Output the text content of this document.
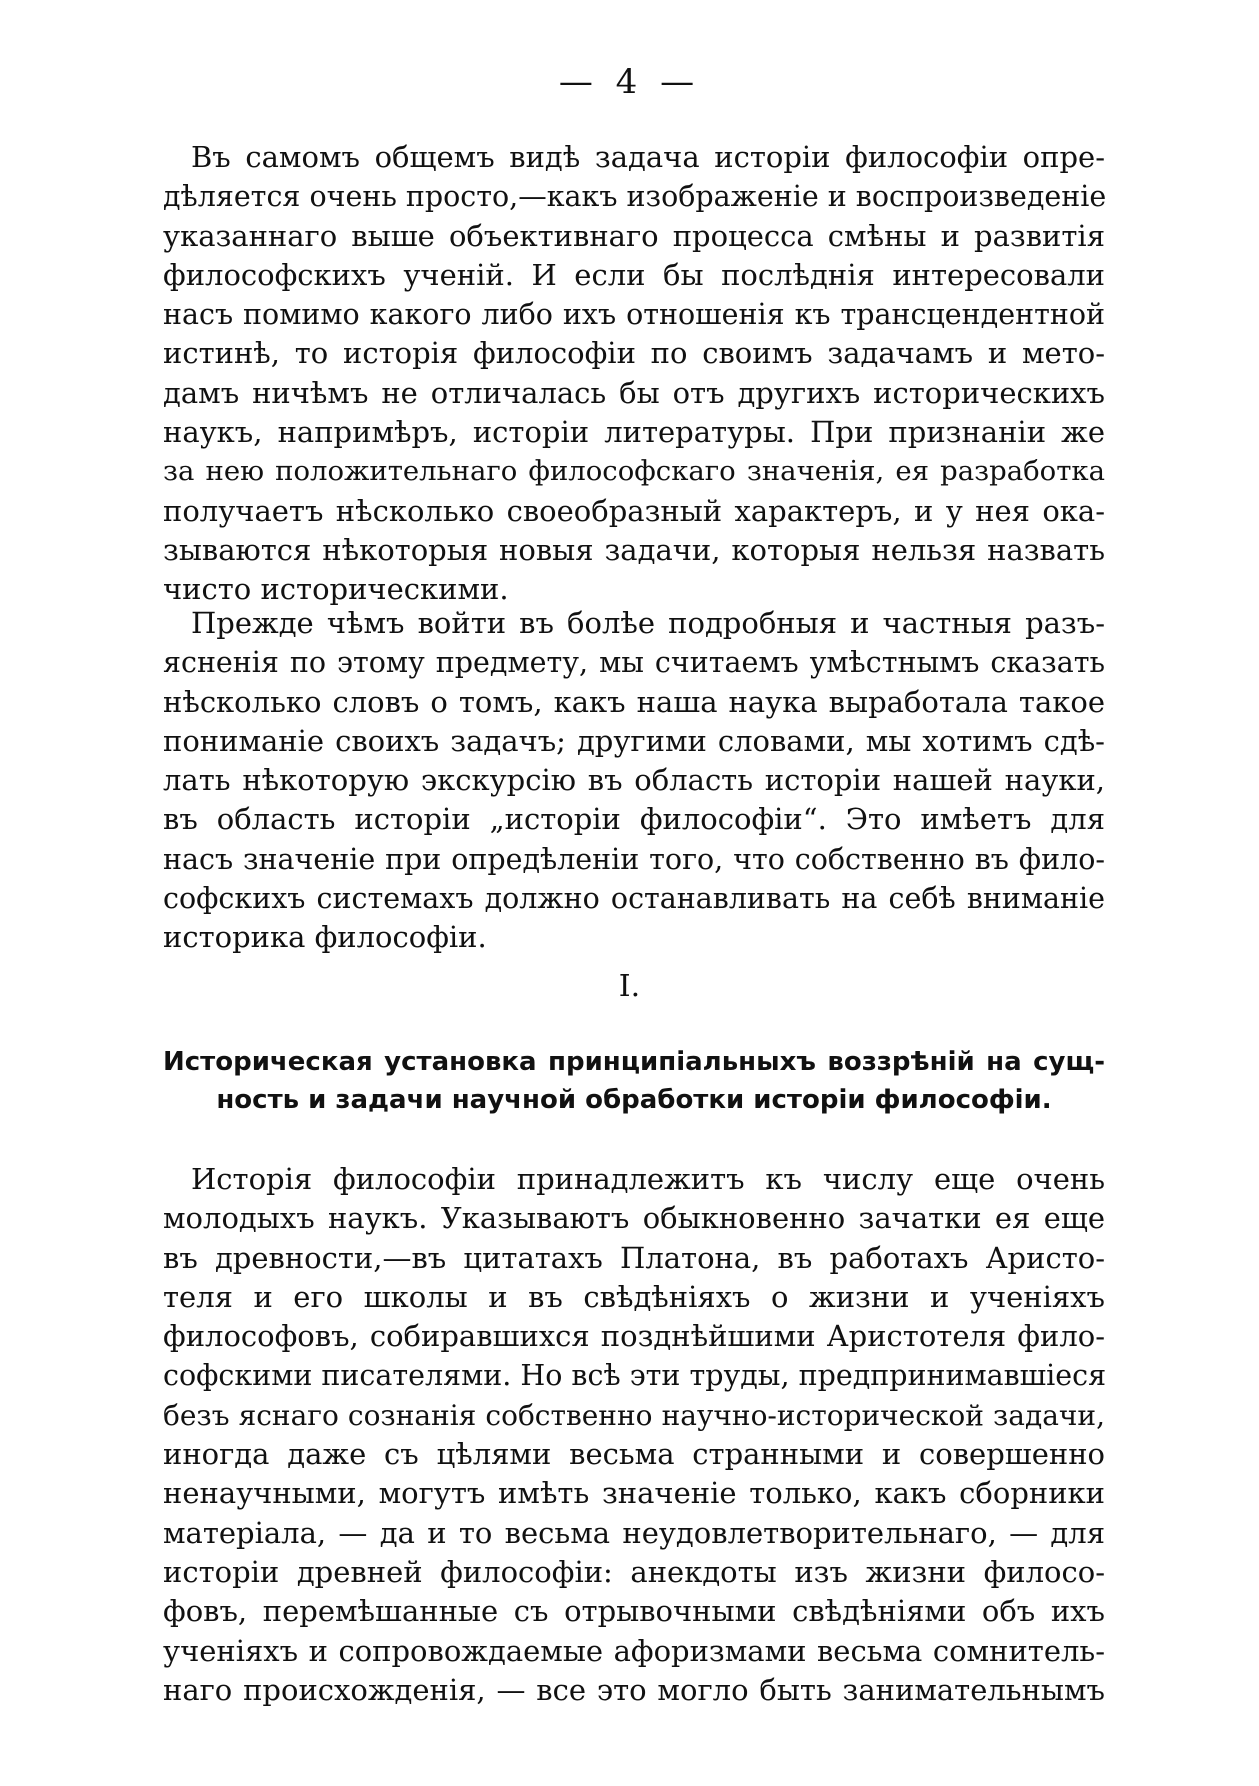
— 4 —
Въ самомъ общемъ видѣ задача исторіи философіи опре-
дѣляется очень просто,—какъ изображеніе и воспроизведеніе
указаннаго выше объективнаго процесса смѣны и развитія
философскихъ ученій. И если бы послѣднія интересовали
насъ помимо какого либо ихъ отношенія къ трансцендентной
истинѣ, то исторія философіи по своимъ задачамъ и мето-
дамъ ничѣмъ не отличалась бы отъ другихъ историческихъ
наукъ, напримѣръ, исторіи литературы. При признаніи же
за нею положительнаго философскаго значенія, ея разработка
получаетъ нѣсколько своеобразный характеръ, и у нея ока-
зываются нѣкоторыя новыя задачи, которыя нельзя назвать
чисто историческими.
Прежде чѣмъ войти въ болѣе подробныя и частныя разъ-
ясненія по этому предмету, мы считаемъ умѣстнымъ сказать
нѣсколько словъ о томъ, какъ наша наука выработала такое
пониманіе своихъ задачъ; другими словами, мы хотимъ сдѣ-
лать нѣкоторую экскурсію въ область исторіи нашей науки,
въ область исторіи „исторіи философіи“. Это имѣетъ для
насъ значеніе при опредѣленіи того, что собственно въ фило-
софскихъ системахъ должно останавливать на себѣ вниманіе
историка философіи.
I.
Историческая установка принципіальныхъ воззрѣній на сущ-
ность и задачи научной обработки исторіи философіи.
Исторія философіи принадлежитъ къ числу еще очень
молодыхъ наукъ. Указываютъ обыкновенно зачатки ея еще
въ древности,—въ цитатахъ Платона, въ работахъ Аристо-
теля и его школы и въ свѣдѣніяхъ о жизни и ученіяхъ
философовъ, собиравшихся позднѣйшими Аристотеля фило-
софскими писателями. Но всѣ эти труды, предпринимавшіеся
безъ яснаго сознанія собственно научно-исторической задачи,
иногда даже съ цѣлями весьма странными и совершенно
ненаучными, могутъ имѣть значеніе только, какъ сборники
матеріала, — да и то весьма неудовлетворительнаго, — для
исторіи древней философіи: анекдоты изъ жизни филосо-
фовъ, перемѣшанные съ отрывочными свѣдѣніями объ ихъ
ученіяхъ и сопровождаемые афоризмами весьма сомнитель-
наго происхожденія, — все это могло быть занимательнымъ
